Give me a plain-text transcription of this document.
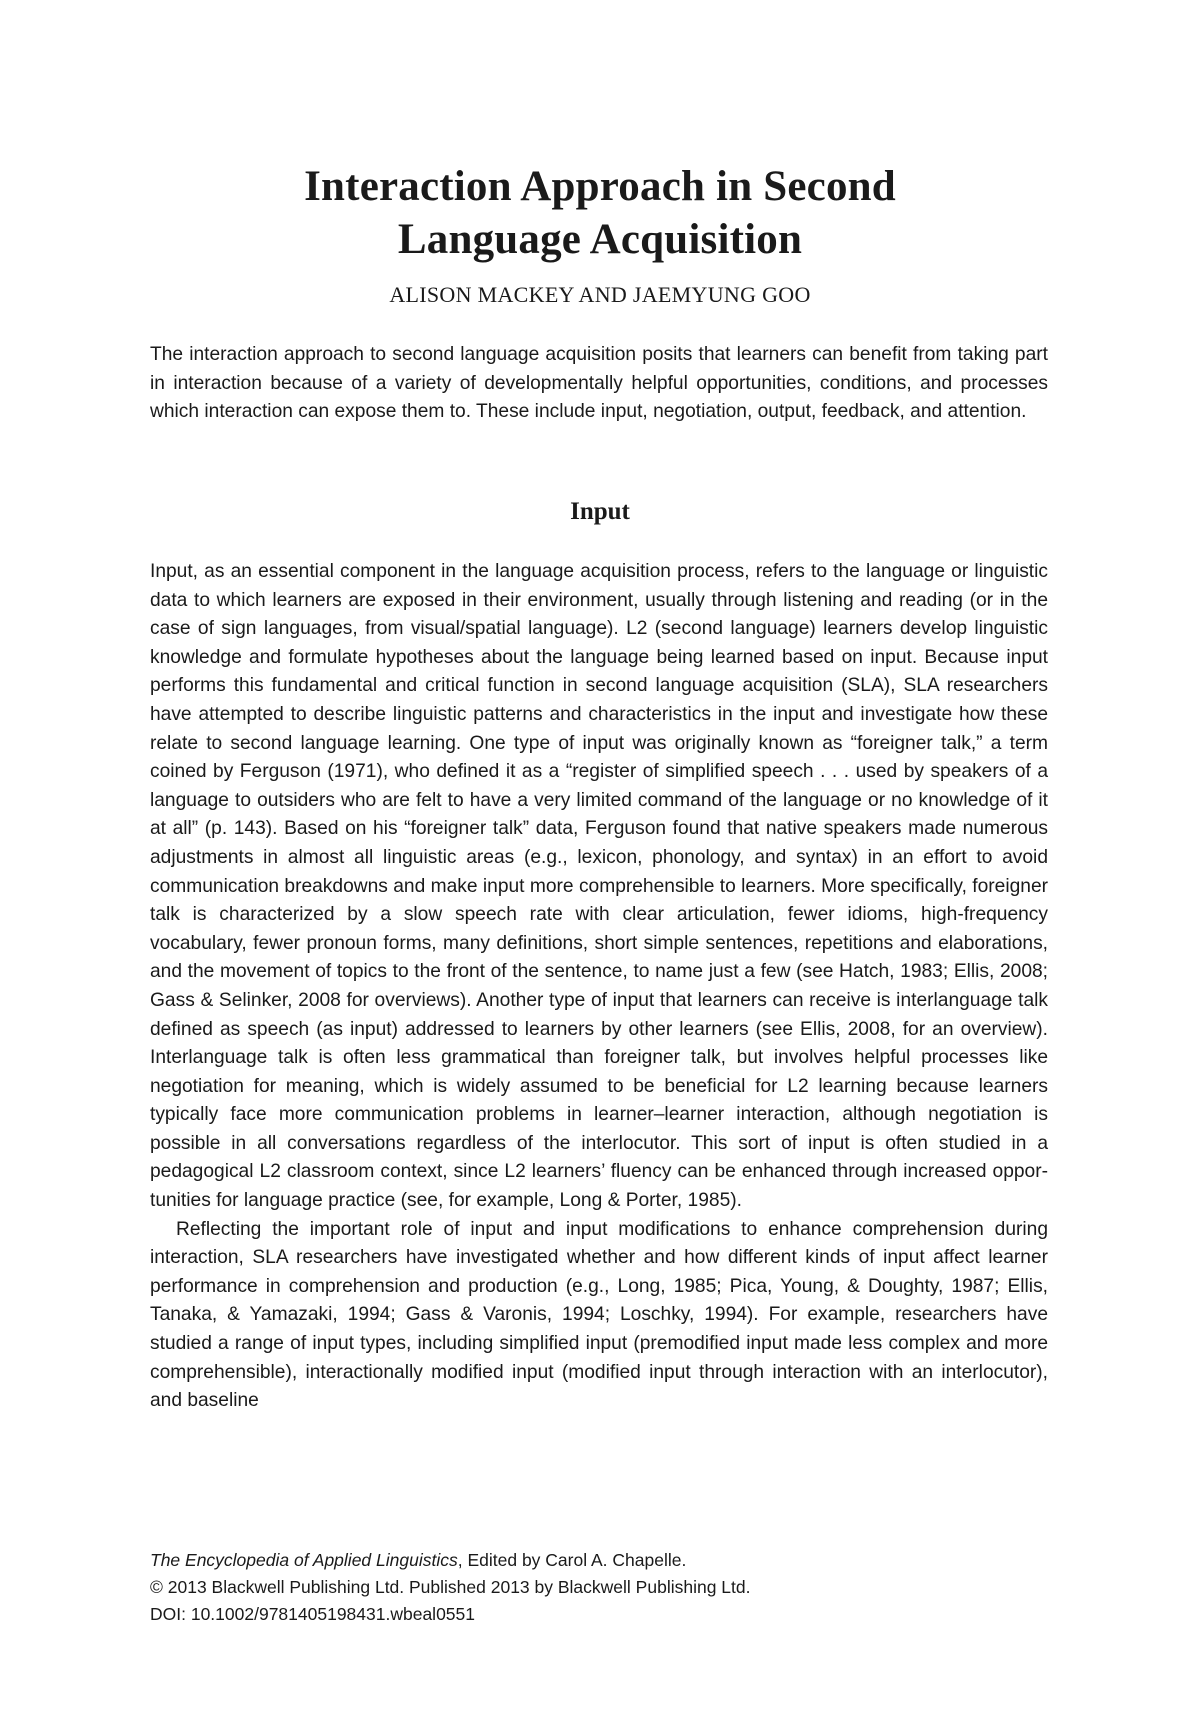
Interaction Approach in Second
Language Acquisition
ALISON MACKEY AND JAEMYUNG GOO

The interaction approach to second language acquisition posits that learners can benefit from taking part in interaction because of a variety of developmentally helpful opportunities, conditions, and processes which interaction can expose them to. These include input, negotiation, output, feedback, and attention.

Input

Input, as an essential component in the language acquisition process, refers to the language or linguistic data to which learners are exposed in their environment, usually through listening and reading (or in the case of sign languages, from visual/spatial language). L2 (second language) learners develop linguistic knowledge and formulate hypotheses about the language being learned based on input. Because input performs this fundamental and critical function in second language acquisition (SLA), SLA researchers have attempted to describe linguistic patterns and characteristics in the input and investigate how these relate to second language learning. One type of input was originally known as “foreigner talk,” a term coined by Ferguson (1971), who defined it as a “register of simplified speech . . . used by speakers of a language to outsiders who are felt to have a very limited command of the language or no knowledge of it at all” (p. 143). Based on his “foreigner talk” data, Ferguson found that native speakers made numerous adjustments in almost all linguistic areas (e.g., lexicon, phonology, and syntax) in an effort to avoid communication breakdowns and make input more comprehensible to learners. More specifically, foreigner talk is characterized by a slow speech rate with clear articulation, fewer idioms, high-frequency vocabulary, fewer pronoun forms, many definitions, short simple sentences, repetitions and elaborations, and the movement of topics to the front of the sentence, to name just a few (see Hatch, 1983; Ellis, 2008; Gass & Selinker, 2008 for overviews). Another type of input that learners can receive is interlanguage talk defined as speech (as input) addressed to learners by other learners (see Ellis, 2008, for an overview). Interlanguage talk is often less grammatical than foreigner talk, but involves helpful processes like negotiation for meaning, which is widely assumed to be beneficial for L2 learning because learners typically face more communication problems in learner–learner interaction, although negotiation is possible in all conversations regardless of the interlocutor. This sort of input is often studied in a pedagogical L2 classroom context, since L2 learners’ fluency can be enhanced through increased opportunities for language practice (see, for example, Long & Porter, 1985).

Reflecting the important role of input and input modifications to enhance comprehension during interaction, SLA researchers have investigated whether and how different kinds of input affect learner performance in comprehension and production (e.g., Long, 1985; Pica, Young, & Doughty, 1987; Ellis, Tanaka, & Yamazaki, 1994; Gass & Varonis, 1994; Loschky, 1994). For example, researchers have studied a range of input types, including simplified input (premodified input made less complex and more comprehensible), interactionally modified input (modified input through interaction with an interlocutor), and baseline

The Encyclopedia of Applied Linguistics, Edited by Carol A. Chapelle.
© 2013 Blackwell Publishing Ltd. Published 2013 by Blackwell Publishing Ltd.
DOI: 10.1002/9781405198431.wbeal0551
